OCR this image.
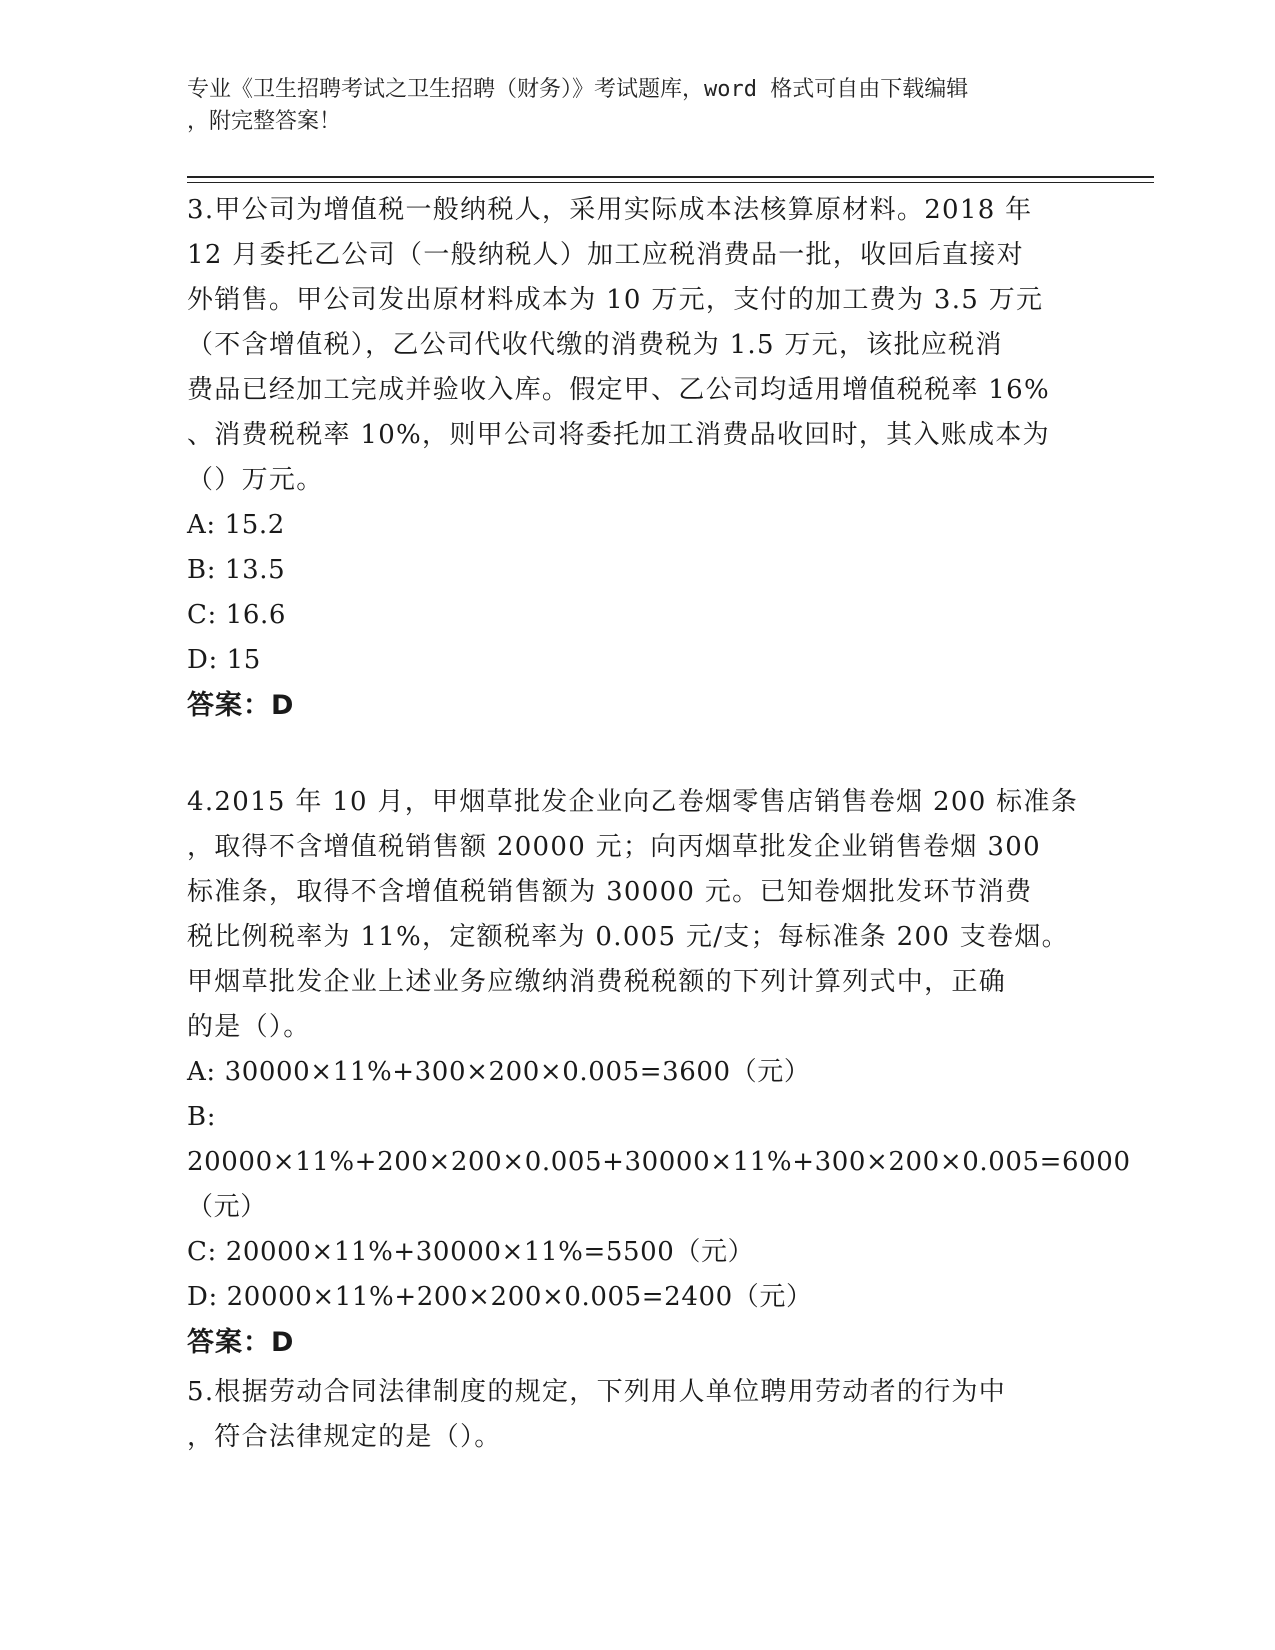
专业《卫生招聘考试之卫生招聘（财务）》考试题库，word 格式可自由下载编辑
，附完整答案！
3.甲公司为增值税一般纳税人，采用实际成本法核算原材料。2018 年
12 月委托乙公司（一般纳税人）加工应税消费品一批，收回后直接对
外销售。甲公司发出原材料成本为 10 万元，支付的加工费为 3.5 万元
（不含增值税），乙公司代收代缴的消费税为 1.5 万元，该批应税消
费品已经加工完成并验收入库。假定甲、乙公司均适用增值税税率 16%
、消费税税率 10%，则甲公司将委托加工消费品收回时，其入账成本为
（）万元。
A: 15.2
B: 13.5
C: 16.6
D: 15
答案：D
4.2015 年 10 月，甲烟草批发企业向乙卷烟零售店销售卷烟 200 标准条
，取得不含增值税销售额 20000 元；向丙烟草批发企业销售卷烟 300
标准条，取得不含增值税销售额为 30000 元。已知卷烟批发环节消费
税比例税率为 11%，定额税率为 0.005 元/支；每标准条 200 支卷烟。
甲烟草批发企业上述业务应缴纳消费税税额的下列计算列式中，正确
的是（）。
A: 30000×11%+300×200×0.005=3600（元）
B: 20000×11%+200×200×0.005+30000×11%+300×200×0.005=6000
（元）
C: 20000×11%+30000×11%=5500（元）
D: 20000×11%+200×200×0.005=2400（元）
答案：D
5.根据劳动合同法律制度的规定，下列用人单位聘用劳动者的行为中
，符合法律规定的是（）。
